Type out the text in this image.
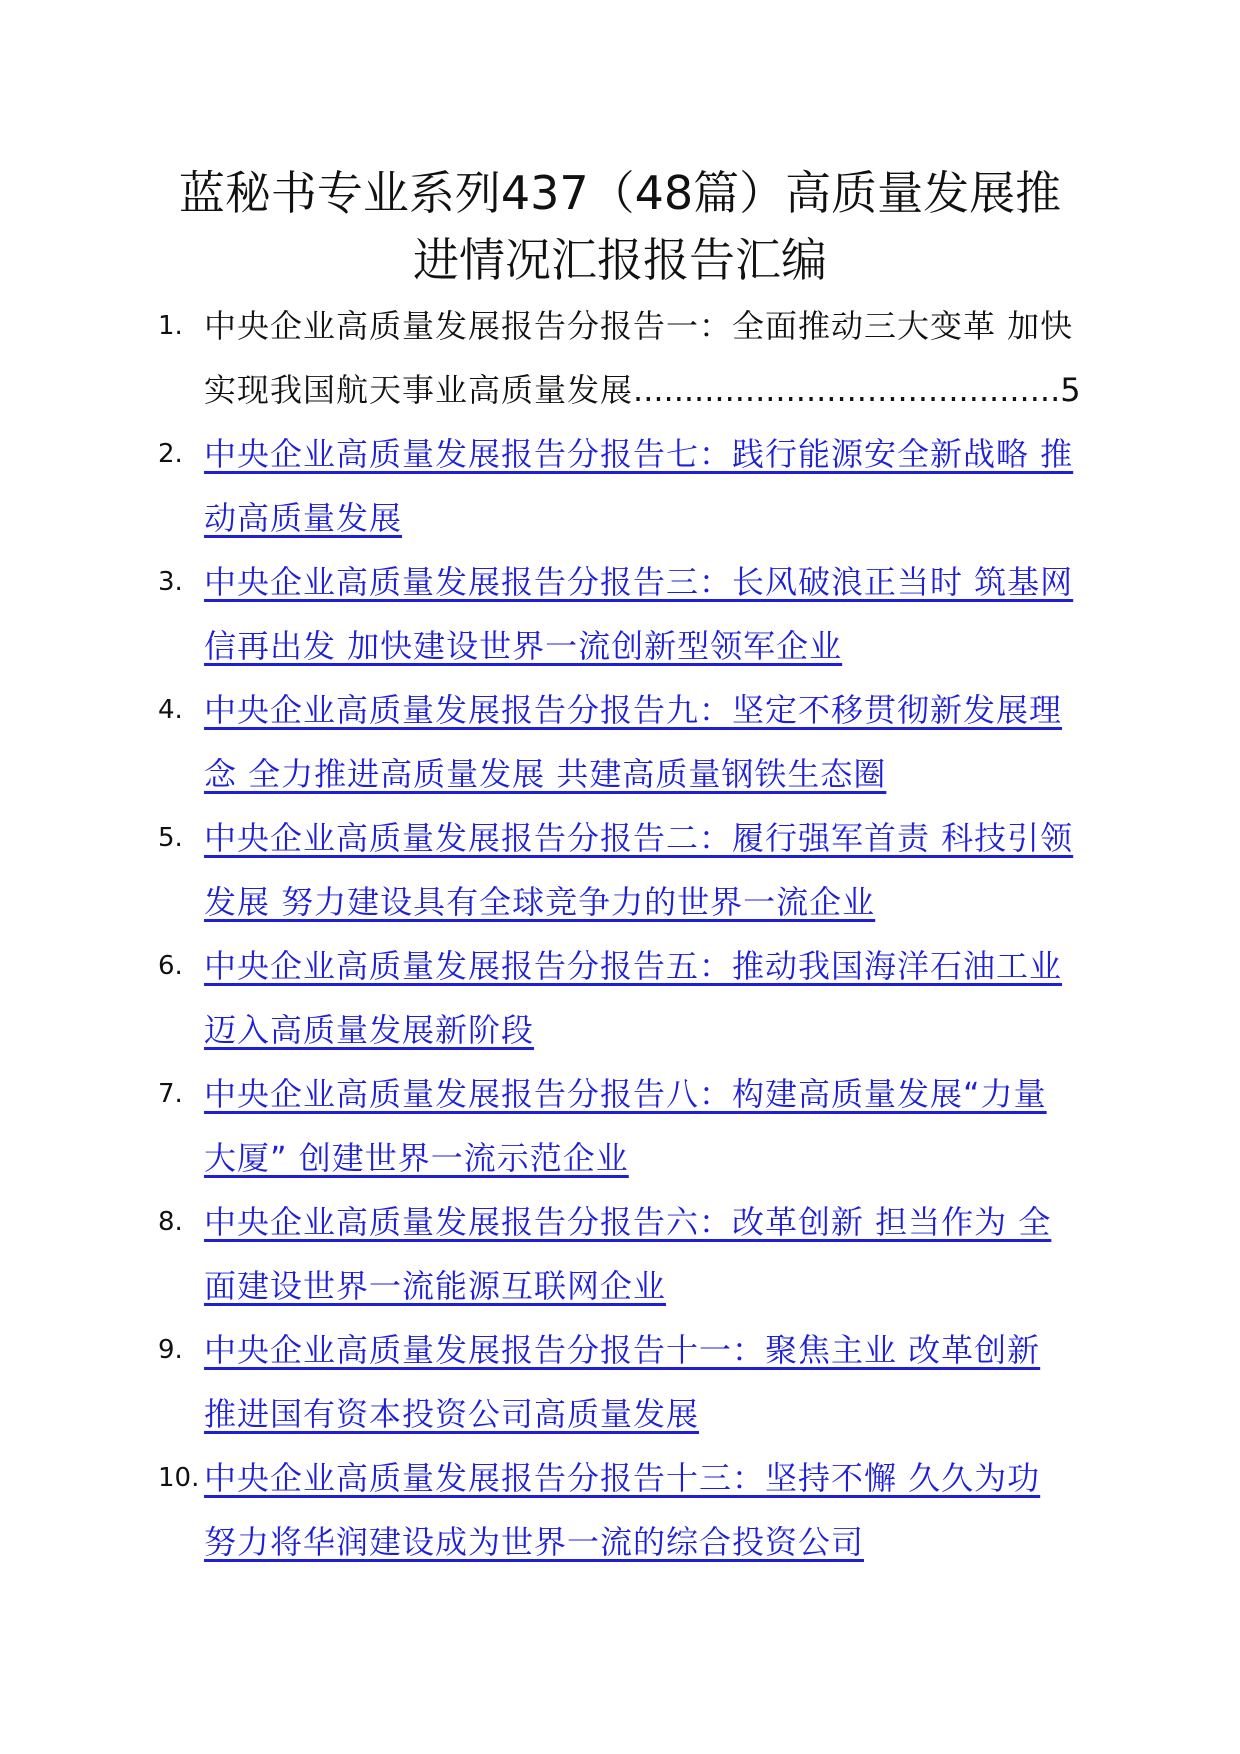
蓝秘书专业系列437（48篇）高质量发展推
进情况汇报报告汇编
1. 中央企业高质量发展报告分报告一：全面推动三大变革 加快
实现我国航天事业高质量发展..........................................5
2. 中央企业高质量发展报告分报告七：践行能源安全新战略 推
动高质量发展
3. 中央企业高质量发展报告分报告三：长风破浪正当时 筑基网
信再出发 加快建设世界一流创新型领军企业
4. 中央企业高质量发展报告分报告九：坚定不移贯彻新发展理
念 全力推进高质量发展 共建高质量钢铁生态圈
5. 中央企业高质量发展报告分报告二：履行强军首责 科技引领
发展 努力建设具有全球竞争力的世界一流企业
6. 中央企业高质量发展报告分报告五：推动我国海洋石油工业
迈入高质量发展新阶段
7. 中央企业高质量发展报告分报告八：构建高质量发展“力量
大厦” 创建世界一流示范企业
8. 中央企业高质量发展报告分报告六：改革创新 担当作为 全
面建设世界一流能源互联网企业
9. 中央企业高质量发展报告分报告十一：聚焦主业 改革创新
推进国有资本投资公司高质量发展
10. 中央企业高质量发展报告分报告十三：坚持不懈 久久为功
努力将华润建设成为世界一流的综合投资公司
